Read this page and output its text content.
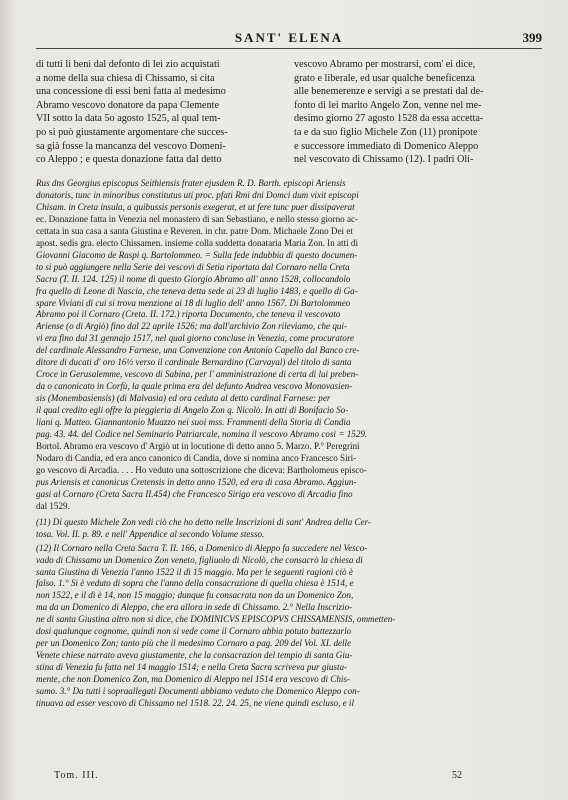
SANT' ELENA	399
di tutti li beni dal defonto di lei zio acquistati
a nome della sua chiesa di Chissamo, si cita
una concessione di essi beni fatta al medesimo
Abramo vescovo donatore da papa Clemente
VII sotto la data 5o agosto 1525, al qual tem-
po si può giustamente argomentare che succes-
sa già fosse la mancanza del vescovo Domeni-
co Aleppo ; e questa donazione fatta dal detto
vescovo Abramo per mostrarsi, com' ei dice,
grato e liberale, ed usar qualche beneficenza
alle benemerenze e servigi a se prestati dal de-
fonto di lei marito Angelo Zon, venne nel me-
desimo giorno 27 agosto 1528 da essa accetta-
ta e da suo figlio Michele Zon (11) pronipote
e successore immediato di Domenico Aleppo
nel vescovato di Chissamo (12). I padri Oli-
Rus dns Georgius episcopus Seithiensis frater ejusdem R. D. Barth. episcopi Ariensis
donatoris, tunc in minoribus constitutus uti proc. pfati Rmi dni Domci dum vixit episcopi
Chisam. in Creta insula, a quibussis personis exegerat, et ut fere tunc puer dissipaverat
ec. Donazione fatta in Venezia nel monastero di san Sebastiano, e nello stesso giorno ac-
cettata in sua casa a santa Giustina e Reveren. in chr. patre Dom. Michaele Zono Dei et
apost. sedis gra. electo Chissamen. insieme colla suddetta donataria Maria Zon. In atti di
Giovanni Giacomo de Raspi q. Bartolommeo. = Sulla fede indubbia di questo documen-
to si può aggiungere nella Serie dei vescovi di Setia riportata dal Cornaro nella Creta
Sacra (T. II. 124. 125) il nome di questo Giorgio Abramo all' anno 1528, collocandolo
fra quello di Leone di Nascia, che teneva detta sede ai 23 di luglio 1483, e quello di Ga-
spare Viviani di cui si trova menzione ai 18 di luglio dell' anno 1567. Di Bartolommeo
Abramo poi il Cornaro (Creta. II. 172.) riporta Documento, che teneva il vescovato
Ariense (o di Argiò) fino dal 22 aprile 1526; ma dall'archivio Zon rileviamo, che qui-
vi era fino dal 31 gennajo 1517, nel qual giorno concluse in Venezia, come procuratore
del cardinale Alessandro Farnese, una Convenzione con Antonio Capello dal Banco cre-
ditore di ducati d' oro 16½ verso il cardinale Bernardino (Carvayal) del titolo di santa
Croce in Gerusalemme, vescovo di Sabina, per l' amministrazione di certa di lui preben-
da o canonicato in Corfù, la quale prima era del defunto Andrea vescovo Monovasien-
sis (Monembasiensis) (di Malvasia) ed ora ceduta al detto cardinal Farnese: per
il qual credito egli offre la pieggieria di Angelo Zon q. Nicolò. In atti di Bonifacio So-
liani q. Matteo. Giannantonio Muazzo nei suoi mss. Frammenti della Storia di Candia
pag. 43. 44. del Codice nel Seminario Patriarcale, nomina il vescovo Abramo così = 1529.
Bortol. Abramo era vescovo d' Argiò ut in locutione di detto anno 5. Marzo. P.° Peregrini
Nodaro di Candia, ed era anco canonico di Candia, dove si nomina anco Francesco Siri-
go vescovo di Arcadia. . . . Ho veduto una sottoscrizione che diceva: Bartholomeus episco-
pus Ariensis et canonicus Cretensis in detto anno 1520, ed era di casa Abramo. Aggiun-
gasi al Cornaro (Creta Sacra II.454) che Francesco Sirigo era vescovo di Arcadia fino
dal 1529.
(11) Di questo Michele Zon vedi ciò che ho detto nelle Inscrizioni di sant' Andrea della Cer-
tosa. Vol. II. p. 89. e nell' Appendice al secondo Volume stesso.
(12) Il Cornaro nella Creta Sacra T. II. 166, a Domenico di Aleppo fa succedere nel Vesco-
vado di Chissamo un Domenico Zon veneto, figliuolo di Nicolò, che consacrò la chiesa di
santa Giustina di Venezia l'anno 1522 il dì 15 maggio. Ma per le seguenti ragioni ciò è
falso. 1.° Si è veduto di sopra che l'anno della consacrazione di quella chiesa è 1514, e
non 1522, e il dì è 14, non 15 maggio; dunque fu consacrata non da un Domenico Zon,
ma da un Domenico di Aleppo, che era allora in sede di Chissamo. 2.° Nella Inscrizio-
ne di santa Giustina altro non si dice, che DOMINICVS EPISCOPVS CHISSAMENSIS, ommetten-
dosi qualunque cognome, quindi non si vede come il Cornaro abbia potuto battezzarlo
per un Domenico Zon; tanto più che il medesimo Cornaro a pag. 209 del Vol. XI. delle
Venete chiese narrato aveva giustamente, che la consacrazion del tempio di santa Giu-
stina di Venezia fu fatta nel 14 maggio 1514; e nella Creta Sacra scriveva pur giusta-
mente, che non Domenico Zon, ma Domenico di Aleppo nel 1514 era vescovo di Chis-
samo. 3.° Da tutti i sopraallegati Documenti abbiamo veduto che Domenico Aleppo con-
tinuava ad esser vescovo di Chissamo nel 1518. 22. 24. 25, ne viene quindi escluso, e il
Tom. III.	52
